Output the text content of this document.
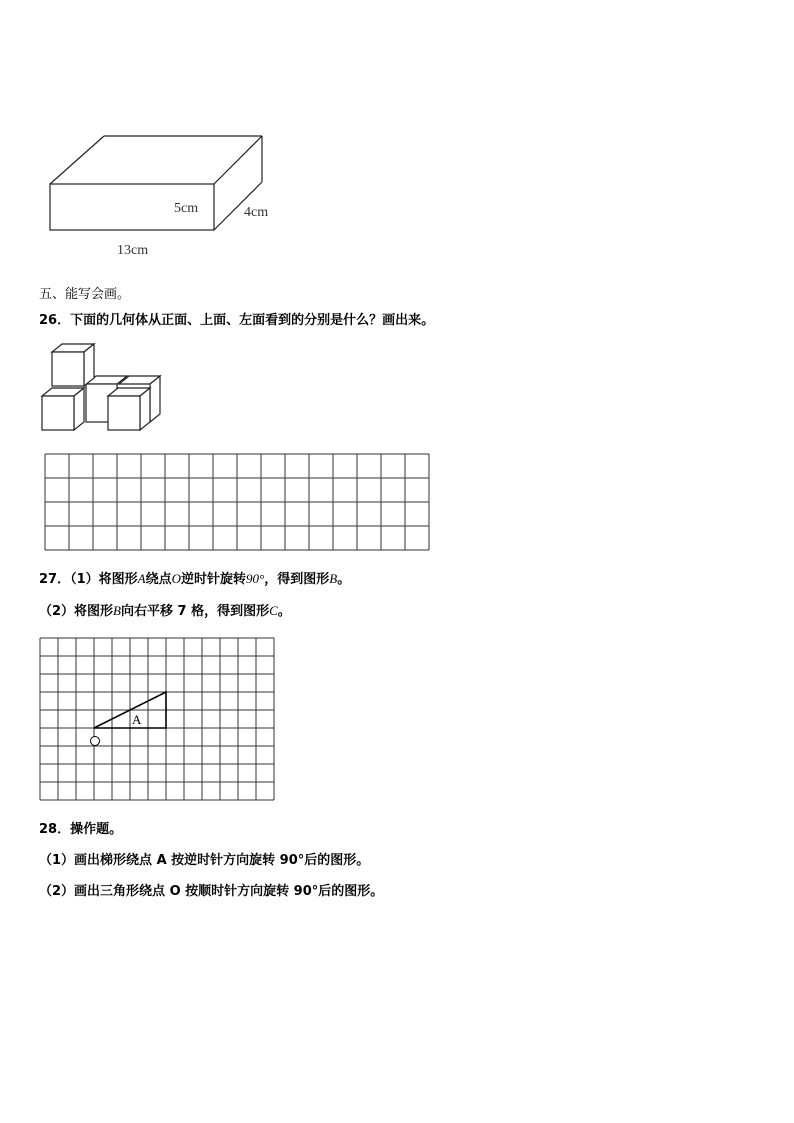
5cm	4cm
13cm
五、能写会画。
26．下面的几何体从正面、上面、左面看到的分别是什么？画出来。
27．（1）将图形A绕点O逆时针旋转90°，得到图形B。
（2）将图形B向右平移 7 格，得到图形C。
A
28．操作题。
（1）画出梯形绕点 A 按逆时针方向旋转 90°后的图形。
（2）画出三角形绕点 O 按顺时针方向旋转 90°后的图形。
